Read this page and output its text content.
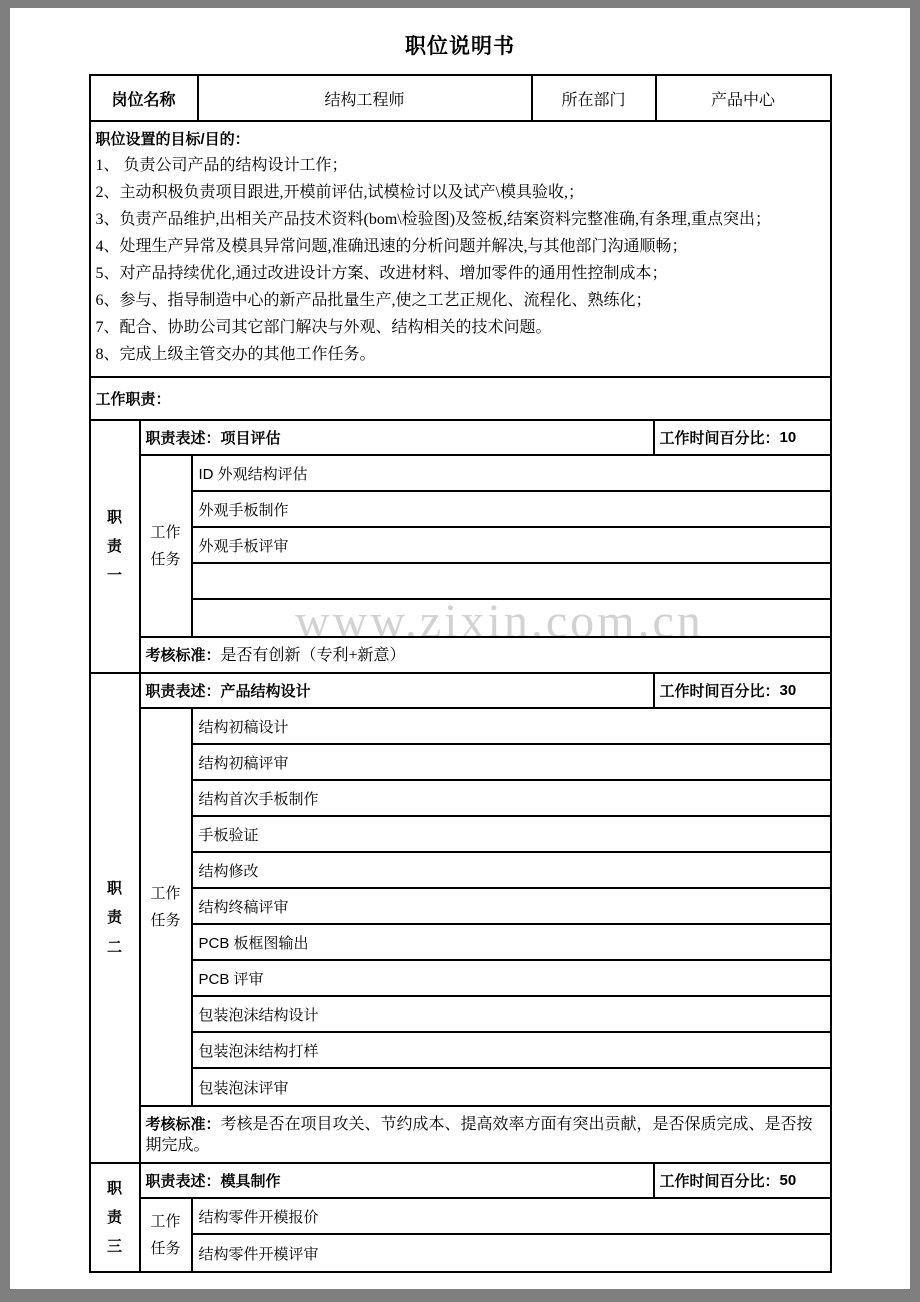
职位说明书
www.zixin.com.cn
岗位名称	结构工程师	所在部门	产品中心
职位设置的目标/目的：
1、 负责公司产品的结构设计工作；
2、主动积极负责项目跟进,开模前评估,试模检讨以及试产\模具验收,；
3、负责产品维护,出相关产品技术资料(bom\检验图)及签板,结案资料完整准确,有条理,重点突出；
4、处理生产异常及模具异常问题,准确迅速的分析问题并解决,与其他部门沟通顺畅；
5、对产品持续优化,通过改进设计方案、改进材料、增加零件的通用性控制成本；
6、参与、指导制造中心的新产品批量生产,使之工艺正规化、流程化、熟练化；
7、配合、协助公司其它部门解决与外观、结构相关的技术问题。
8、完成上级主管交办的其他工作任务。
工作职责：
职责一
职责表述： 项目评估	工作时间百分比： 10
工作任务
ID 外观结构评估
外观手板制作
外观手板评审
考核标准：是否有创新（专利+新意）
职责二
职责表述： 产品结构设计	工作时间百分比： 30
工作任务
结构初稿设计
结构初稿评审
结构首次手板制作
手板验证
结构修改
结构终稿评审
PCB 板框图输出
PCB 评审
包装泡沫结构设计
包装泡沫结构打样
包装泡沫评审
考核标准：考核是否在项目攻关、节约成本、提高效率方面有突出贡献，是否保质完成、是否按期完成。
职责三
职责表述： 模具制作	工作时间百分比： 50
工作任务
结构零件开模报价
结构零件开模评审
